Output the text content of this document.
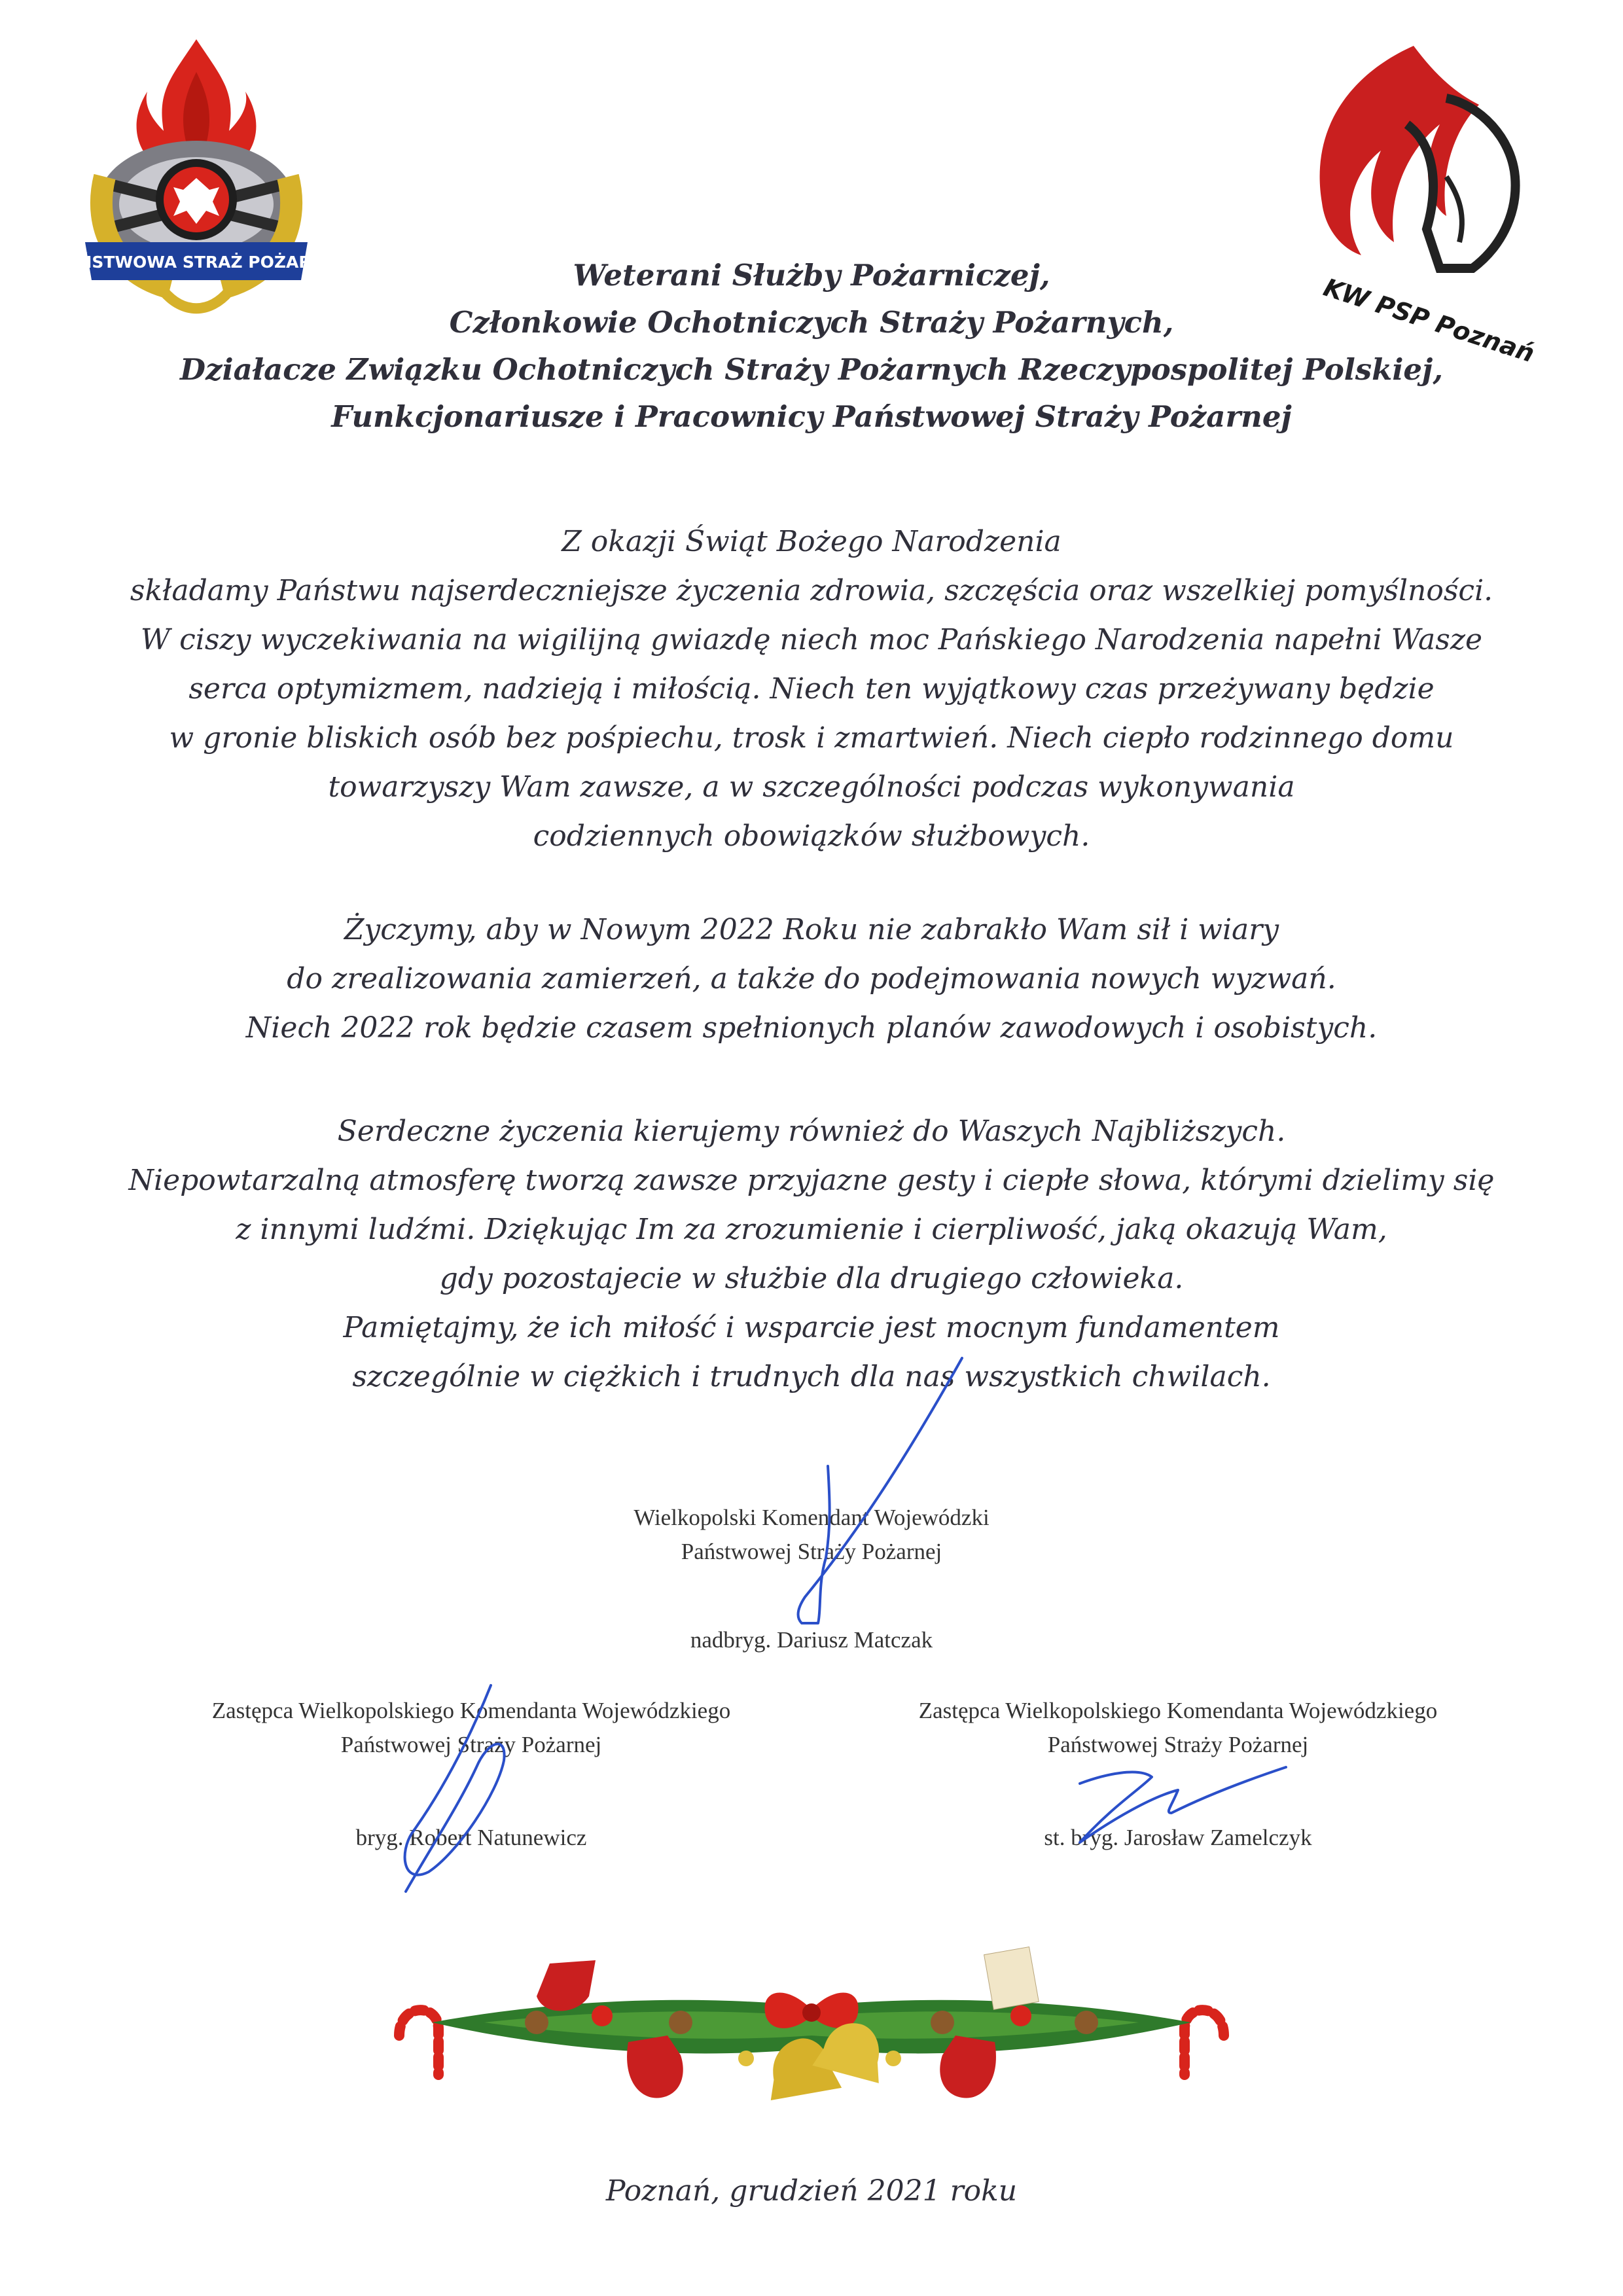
PAŃSTWOWA STRAŻ POŻARNA
KW PSP Poznań
Weterani Służby Pożarniczej,
Członkowie Ochotniczych Straży Pożarnych,
Działacze Związku Ochotniczych Straży Pożarnych Rzeczypospolitej Polskiej,
Funkcjonariusze i Pracownicy Państwowej Straży Pożarnej
Z okazji Świąt Bożego Narodzenia
składamy Państwu najserdeczniejsze życzenia zdrowia, szczęścia oraz wszelkiej pomyślności.
W ciszy wyczekiwania na wigilijną gwiazdę niech moc Pańskiego Narodzenia napełni Wasze
serca optymizmem, nadzieją i miłością. Niech ten wyjątkowy czas przeżywany będzie
w gronie bliskich osób bez pośpiechu, trosk i zmartwień. Niech ciepło rodzinnego domu
towarzyszy Wam zawsze, a w szczególności podczas wykonywania
codziennych obowiązków służbowych.
Życzymy, aby w Nowym 2022 Roku nie zabrakło Wam sił i wiary
do zrealizowania zamierzeń, a także do podejmowania nowych wyzwań.
Niech 2022 rok będzie czasem spełnionych planów zawodowych i osobistych.
Serdeczne życzenia kierujemy również do Waszych Najbliższych.
Niepowtarzalną atmosferę tworzą zawsze przyjazne gesty i ciepłe słowa, którymi dzielimy się
z innymi ludźmi. Dziękując Im za zrozumienie i cierpliwość, jaką okazują Wam,
gdy pozostajecie w służbie dla drugiego człowieka.
Pamiętajmy, że ich miłość i wsparcie jest mocnym fundamentem
szczególnie w ciężkich i trudnych dla nas wszystkich chwilach.
Wielkopolski Komendant Wojewódzki
Państwowej Straży Pożarnej
nadbryg. Dariusz Matczak
Zastępca Wielkopolskiego Komendanta Wojewódzkiego
Państwowej Straży Pożarnej
bryg. Robert Natunewicz
Zastępca Wielkopolskiego Komendanta Wojewódzkiego
Państwowej Straży Pożarnej
st. bryg. Jarosław Zamelczyk
Poznań, grudzień 2021 roku
